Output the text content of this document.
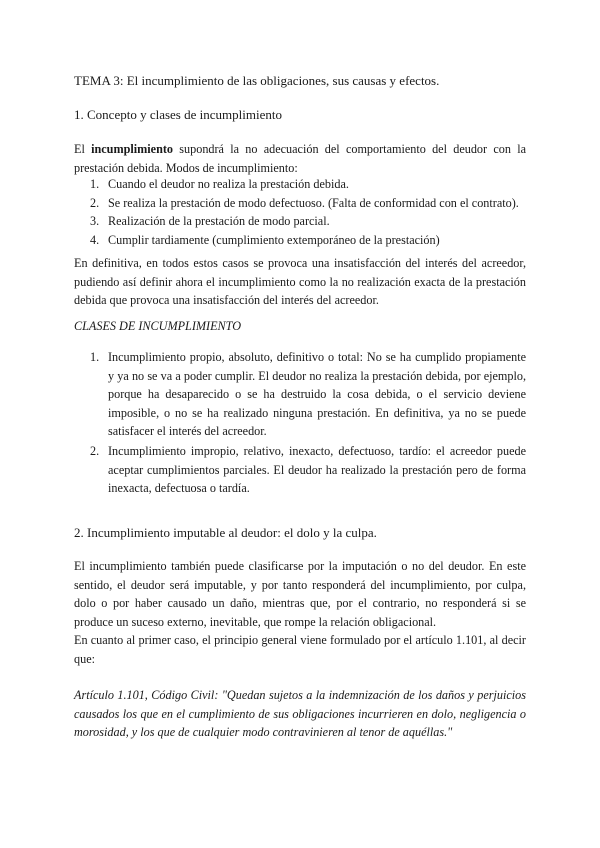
TEMA 3: El incumplimiento de las obligaciones, sus causas y efectos.

1. Concepto y clases de incumplimiento

El incumplimiento supondrá la no adecuación del comportamiento del deudor con la prestación debida. Modos de incumplimiento:

1. Cuando el deudor no realiza la prestación debida.
2. Se realiza la prestación de modo defectuoso. (Falta de conformidad con el contrato).
3. Realización de la prestación de modo parcial.
4. Cumplir tardiamente (cumplimiento extemporáneo de la prestación)

En definitiva, en todos estos casos se provoca una insatisfacción del interés del acreedor, pudiendo así definir ahora el incumplimiento como la no realización exacta de la prestación debida que provoca una insatisfacción del interés del acreedor.

CLASES DE INCUMPLIMIENTO

1. Incumplimiento propio, absoluto, definitivo o total: No se ha cumplido propiamente y ya no se va a poder cumplir. El deudor no realiza la prestación debida, por ejemplo, porque ha desaparecido o se ha destruido la cosa debida, o el servicio deviene imposible, o no se ha realizado ninguna prestación. En definitiva, ya no se puede satisfacer el interés del acreedor.
2. Incumplimiento impropio, relativo, inexacto, defectuoso, tardío: el acreedor puede aceptar cumplimientos parciales. El deudor ha realizado la prestación pero de forma inexacta, defectuosa o tardía.

2. Incumplimiento imputable al deudor: el dolo y la culpa.

El incumplimiento también puede clasificarse por la imputación o no del deudor. En este sentido, el deudor será imputable, y por tanto responderá del incumplimiento, por culpa, dolo o por haber causado un daño, mientras que, por el contrario, no responderá si se produce un suceso externo, inevitable, que rompe la relación obligacional.

En cuanto al primer caso, el principio general viene formulado por el artículo 1.101, al decir que:

Artículo 1.101, Código Civil: "Quedan sujetos a la indemnización de los daños y perjuicios causados los que en el cumplimiento de sus obligaciones incurrieren en dolo, negligencia o morosidad, y los que de cualquier modo contravinieren al tenor de aquéllas."
